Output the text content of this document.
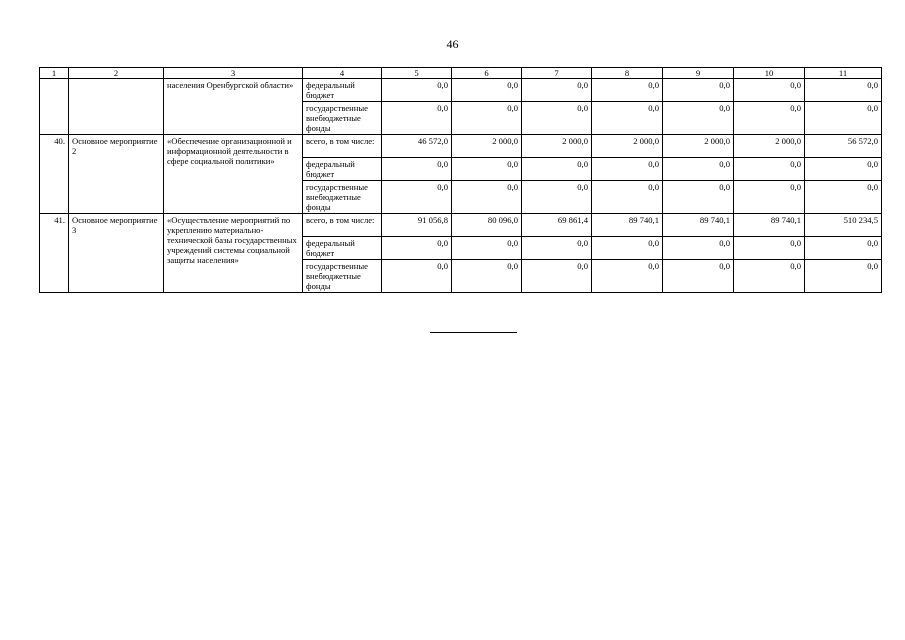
46
1	2	3	4	5	6	7	8	9	10	11
		населения Оренбургской области»	федеральный бюджет	0,0	0,0	0,0	0,0	0,0	0,0	0,0
			государственные внебюджетные фонды	0,0	0,0	0,0	0,0	0,0	0,0	0,0
40.	Основное мероприятие 2	«Обеспечение организационной и информационной деятельности в сфере социальной политики»	всего, в том числе:	46 572,0	2 000,0	2 000,0	2 000,0	2 000,0	2 000,0	56 572,0
			федеральный бюджет	0,0	0,0	0,0	0,0	0,0	0,0	0,0
			государственные внебюджетные фонды	0,0	0,0	0,0	0,0	0,0	0,0	0,0
41.	Основное мероприятие 3	«Осуществление мероприятий по укреплению материально-технической базы государственных учреждений системы социальной защиты населения»	всего, в том числе:	91 056,8	80 096,0	69 861,4	89 740,1	89 740,1	89 740,1	510 234,5
			федеральный бюджет	0,0	0,0	0,0	0,0	0,0	0,0	0,0
			государственные внебюджетные фонды	0,0	0,0	0,0	0,0	0,0	0,0	0,0
